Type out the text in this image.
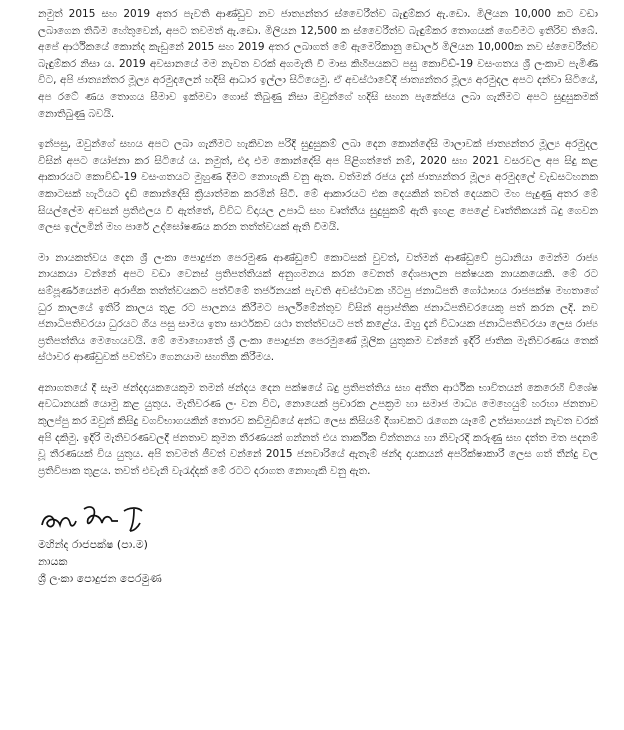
නමුත් 2015 සහ 2019 අතර පැවති ආණ්ඩුව නව ජාත්‍යන්තර ස්වෛරීත්ව බැඳුම්කර ඇ.ඩො. මිලියන 10,000 කට වඩා ලබාගෙන තිබීම හේතුවෙන්, අපට තවමත් ඇ.ඩො. මිලියන 12,500 ක ස්වෛරීත්ව බැඳුම්කර තොගයක් ගෙවීමට ඉතිරිව තිබේ. අපේ ආර්ථිකයේ කොන්ද කැඩුනේ 2015 සහ 2019 අතර ලබාගත් මේ ඇමෙරිකානු ඩොලර් මිලියන 10,000ක නව ස්වෛරීත්ව බැඳුම්කර නිසා ය. 2019 අවසානයේ මම නැවත වරක් අගමැති වී මාස කිහිපයකට පසු කොවිඩ්-19 වසංගතය ශ්‍රී ලංකාව පැමිණි විට, අපි ජාත්‍යන්තර මූල්‍ය අරමුදලෙන් හදිසි ආධාර ඉල්ලා සිටියෙමු. ඒ අවස්ථාවේදී ජාත්‍යන්තර මූල්‍ය අරමුදල අපට දන්වා සිටියේ, අප රටේ ණය තොගය සීමාව ඉක්මවා ගොස් තිබුණු නිසා ඔවුන්ගේ හදිසි සහන පැකේජය ලබා ගැනීමට අපට සුදුසුකමක් නොතිබුණු බවයි.

ඉන්පසු, ඔවුන්ගේ සහය අපට ලබා ගැනීමට හැකිවන පරිදි සුදුසුකම් ලබා දෙන කොන්දේසි මාලාවක් ජාත්‍යන්තර මූල්‍ය අරමුදල විසින් අපට යෝජනා කර සිටියේ ය. නමුත්, එදා එම කොන්දේසි අප පිළිගත්තේ නම්, 2020 සහ 2021 වසරවල අප සිදු කළ ආකාරයට කොවිඩ්-19 වසංගතයට මුහුණ දීමට නොහැකි වනු ඇත. වත්මන් රජය දැන් ජාත්‍යන්තර මූල්‍ය අරමුදලේ වැඩසටහනක කොටසක් හැටියට දැඩි කොන්දේසි ක්‍රියාත්මක කරමින් සිටී. මේ ආකාරයට එක දෙයකින් තවත් දෙයකට මහ පැදුණු අතර මේ සියල්ලේම අවසන් ප්‍රතිඵලය වී ඇත්තේ, විවිධ විදායල උපාධි සහ වෘත්තීය සුදුසුකම් ඇති ඉහළ පෙළේ වෘත්තිකයන් බදු ගෙවන ලෙස ඉල්ලමින් මහ පාරේ උද්ඝෝෂණය කරන තත්ත්වයක් ඇති වීමයි.

මා නායකත්වය දෙන ශ්‍රී ලංකා පොදුජන පෙරමුණ ආණ්ඩුවේ කොටසක් වුවත්, වත්මන් ආණ්ඩුවේ ප්‍රධානියා මෙන්ම රාජ්‍ය නායකයා වන්නේ අපට වඩා වෙනස් ප්‍රතිපත්තියක් අනුගමනය කරන වෙනත් දේශපාලන පක්ෂයක නායකයෙකි. මේ රට සම්පූර්ණයෙන්ම අරාජික තත්ත්වයකට පත්වීමේ තර්ජනයක් පැවති අවස්ථාවක හිටපු ජනාධිපති ගෝඨාභය රාජපක්ෂ මහතාගේ ධුර කාලයේ ඉතිරි කාලය තුළ රට පාලනය කිරීමට පාර්ලිමේන්තුව විසින් අප්‍රාප්තික ජනාධිපතිවරයෙකු පත් කරන ලදි. නව ජනාධිපතිවරයා ධුරයට ගිය පසු සාමය ඉතා සාර්ථකව යථා තත්ත්වයට පත් කළේය. ඔහු දැන් විධායක ජනාධිපතිවරයා ලෙස රාජ්‍ය ප්‍රතිපත්තිය මෙහෙයවයි. මේ මොහොතේ ශ්‍රී ලංකා පොදුජන පෙරමුණේ මූලික යුතුකම වන්නේ ඉදිරි ජාතික මැතිවරණය තෙක් ස්ථාවර ආණ්ඩුවක් පවත්වා ගෙනයාම සහතික කිරීමය.

අනාගතයේ දී සෑම ඡන්දදායකයෙකුම තමන් ඡන්දය දෙන පක්ෂයේ බදු ප්‍රතිපත්තිය සහ අතීත ආර්ථික භාවිතයන් කෙරෙහි විශේෂ අවධානයක් යොමු කළ යුතුය. මැතිවරණ ලං වන විට, නොයෙක් ප්‍රචාරක උපක්‍රම හා සමාජ මාධ්‍ය මෙහෙයුම් හරහා ජනතාව කුලප්පු කර ඔවුන් කිසිදු වගවිභාගයකින් තොරව කඩිමුඩියේ අන්ධ ලෙස කිසියම් දිශාවකට රැගෙන යෑමේ උත්සාහයන් නැවත වරක් අපි දකිමු. ඉදිරි මැතිවරණවලදී ජනතාව කුමන තීරණයක් ගන්නත් එය තාර්කික චින්තනය හා නිවැරදි කරුණු සහ දත්ත මත පදනම් වූ තීරණයක් විය යුතුය. අපි තවමත් ජීවත් වන්නේ 2015 ජනවාරියේ ඇතැම් ඡන්ද දායකයන් අපරික්ෂාකාරී ලෙස ගත් තීන්දු වල ප්‍රතිවිපාක තුළය. තවත් එවැනි වැරැද්දක් මේ රටට දරාගත නොහැකි වනු ඇත.

මහින්ද රාජපක්ෂ (පා.ම)
නායක
ශ්‍රී ලංකා පොදුජන පෙරමුණ
